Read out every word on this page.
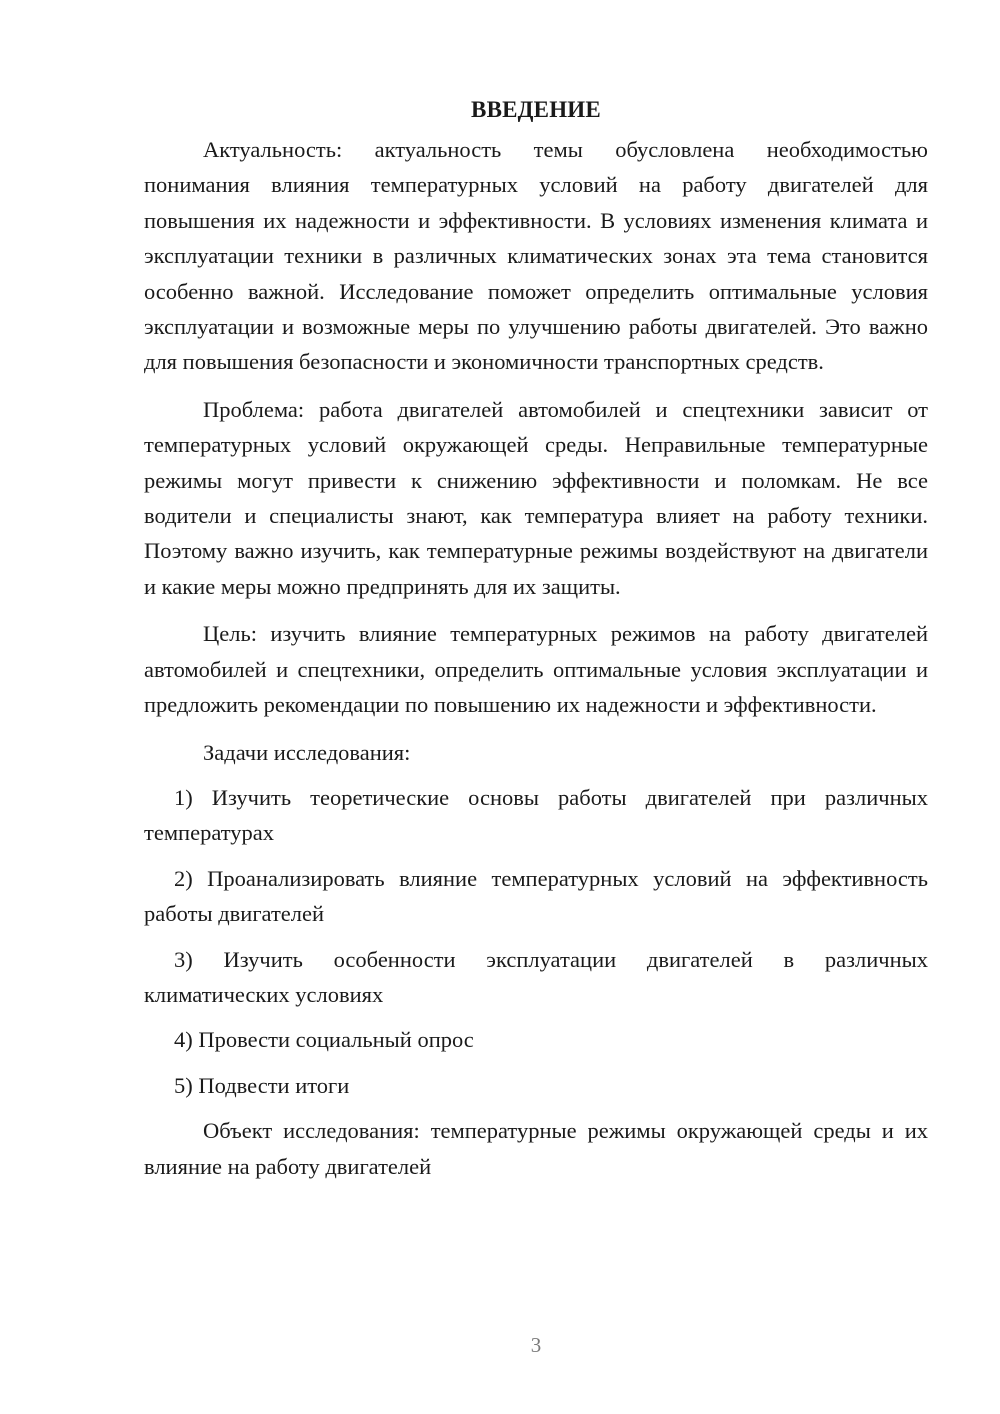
ВВЕДЕНИЕ

Актуальность: актуальность темы обусловлена необходимостью понимания влияния температурных условий на работу двигателей для повышения их надежности и эффективности. В условиях изменения климата и эксплуатации техники в различных климатических зонах эта тема становится особенно важной. Исследование поможет определить оптимальные условия эксплуатации и возможные меры по улучшению работы двигателей. Это важно для повышения безопасности и экономичности транспортных средств.

Проблема: работа двигателей автомобилей и спецтехники зависит от температурных условий окружающей среды. Неправильные температурные режимы могут привести к снижению эффективности и поломкам. Не все водители и специалисты знают, как температура влияет на работу техники. Поэтому важно изучить, как температурные режимы воздействуют на двигатели и какие меры можно предпринять для их защиты.

Цель: изучить влияние температурных режимов на работу двигателей автомобилей и спецтехники, определить оптимальные условия эксплуатации и предложить рекомендации по повышению их надежности и эффективности.

Задачи исследования:

1) Изучить теоретические основы работы двигателей при различных температурах

2) Проанализировать влияние температурных условий на эффективность работы двигателей

3) Изучить особенности эксплуатации двигателей в различных климатических условиях

4) Провести социальный опрос

5) Подвести итоги

Объект исследования: температурные режимы окружающей среды и их влияние на работу двигателей

3
